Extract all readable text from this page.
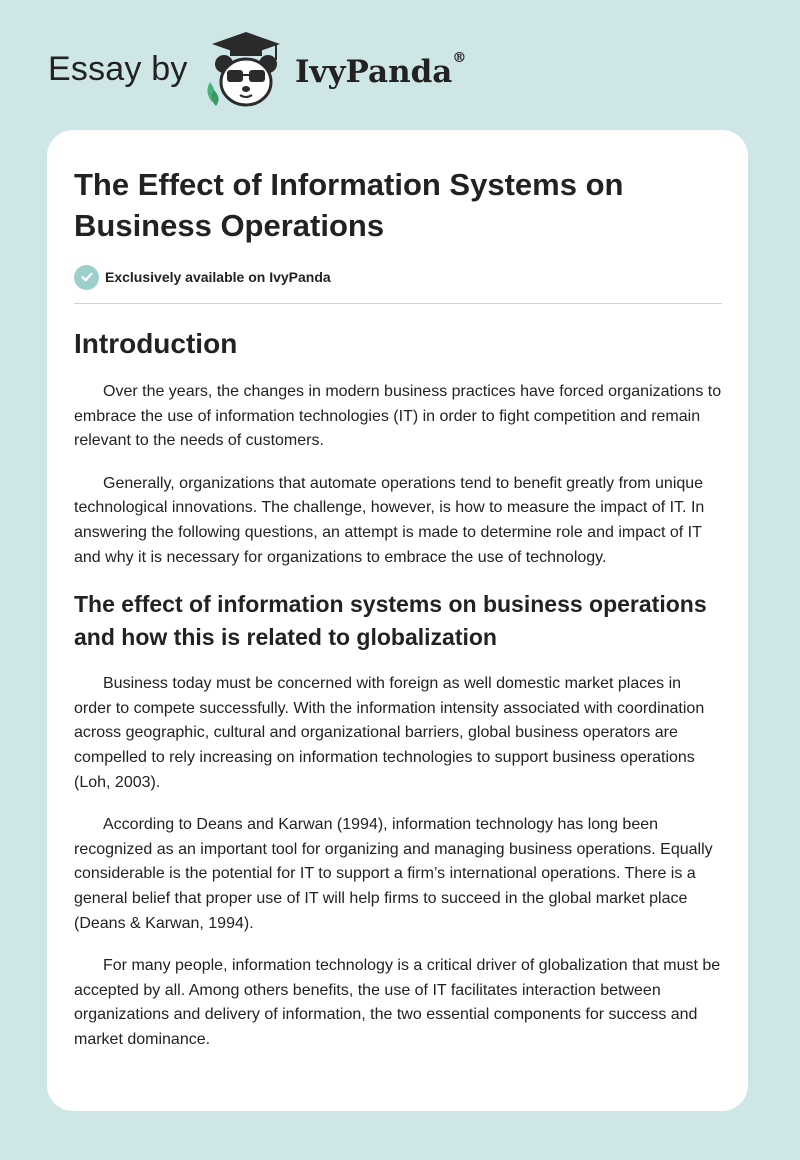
Essay by	IvyPanda®
The Effect of Information Systems on Business Operations
Exclusively available on IvyPanda
Introduction

Over the years, the changes in modern business practices have forced organizations to embrace the use of information technologies (IT) in order to fight competition and remain relevant to the needs of customers.

Generally, organizations that automate operations tend to benefit greatly from unique technological innovations. The challenge, however, is how to measure the impact of IT. In answering the following questions, an attempt is made to determine role and impact of IT and why it is necessary for organizations to embrace the use of technology.

The effect of information systems on business operations and how this is related to globalization

Business today must be concerned with foreign as well domestic market places in order to compete successfully. With the information intensity associated with coordination across geographic, cultural and organizational barriers, global business operators are compelled to rely increasing on information technologies to support business operations (Loh, 2003).

According to Deans and Karwan (1994), information technology has long been recognized as an important tool for organizing and managing business operations. Equally considerable is the potential for IT to support a firm’s international operations. There is a general belief that proper use of IT will help firms to succeed in the global market place (Deans & Karwan, 1994).

For many people, information technology is a critical driver of globalization that must be accepted by all. Among others benefits, the use of IT facilitates interaction between organizations and delivery of information, the two essential components for success and market dominance.
